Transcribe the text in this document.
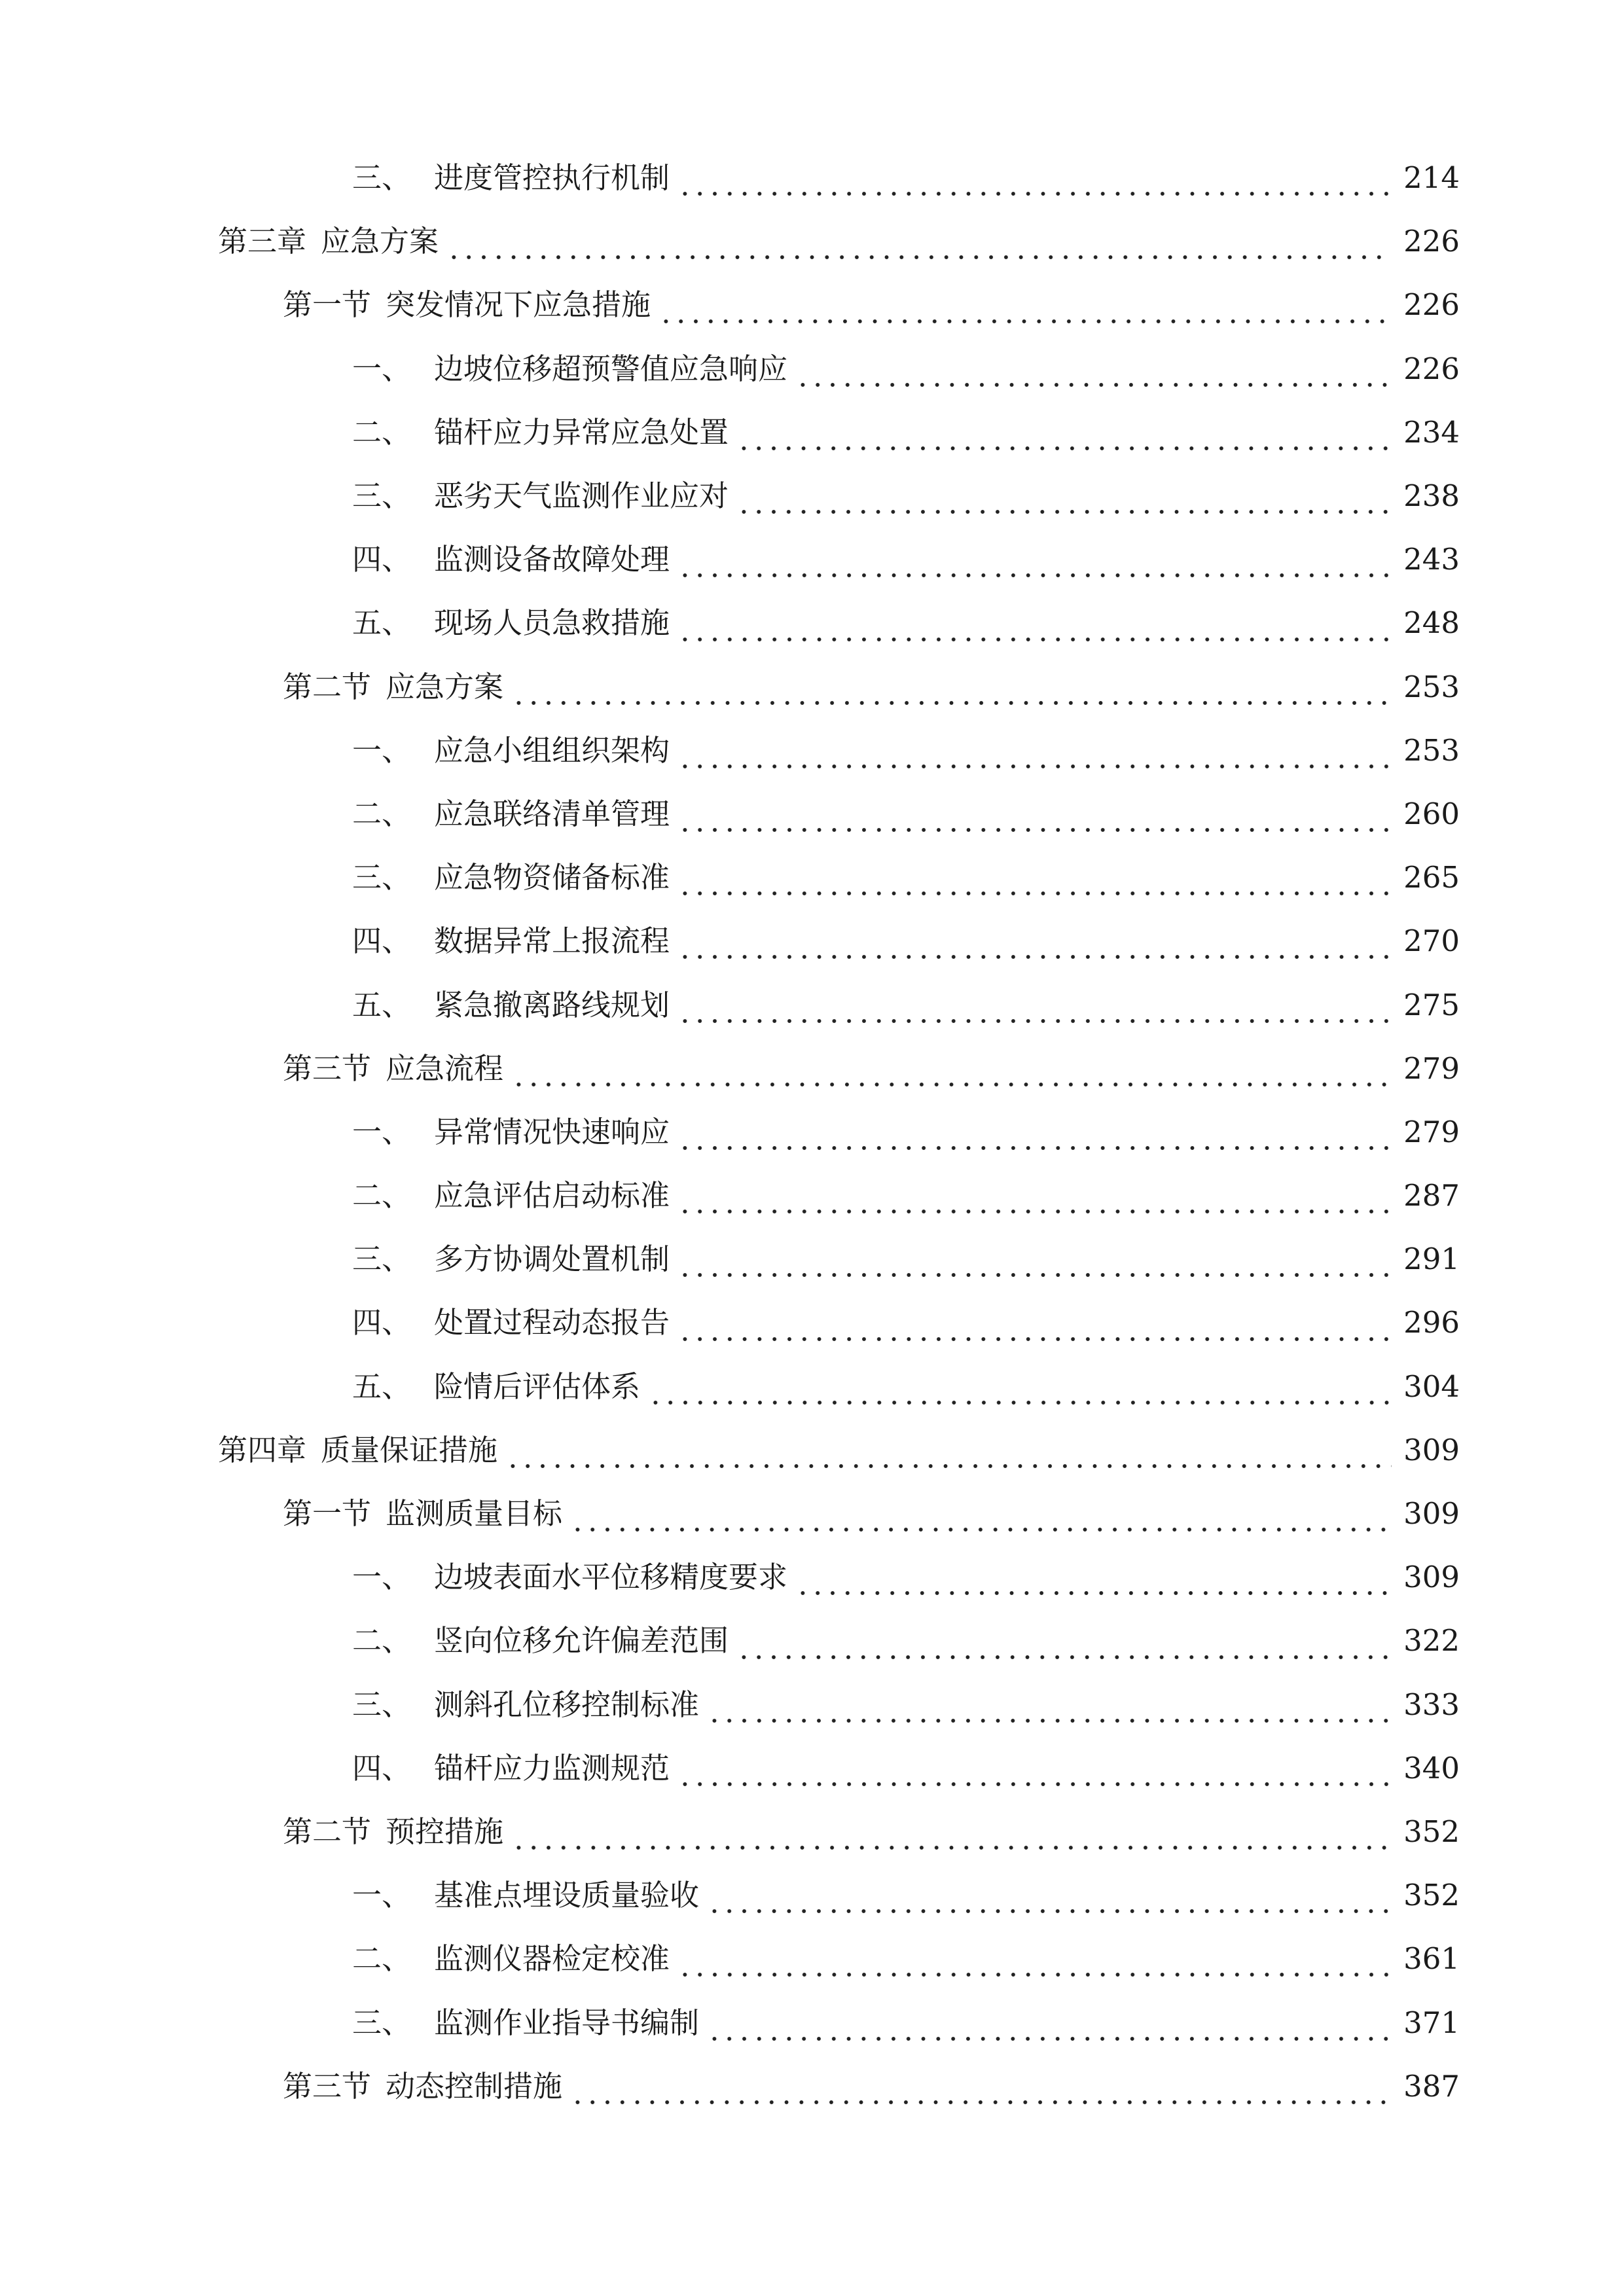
三、 进度管控执行机制	214
第三章 应急方案	226
第一节 突发情况下应急措施	226
一、 边坡位移超预警值应急响应	226
二、 锚杆应力异常应急处置	234
三、 恶劣天气监测作业应对	238
四、 监测设备故障处理	243
五、 现场人员急救措施	248
第二节 应急方案	253
一、 应急小组组织架构	253
二、 应急联络清单管理	260
三、 应急物资储备标准	265
四、 数据异常上报流程	270
五、 紧急撤离路线规划	275
第三节 应急流程	279
一、 异常情况快速响应	279
二、 应急评估启动标准	287
三、 多方协调处置机制	291
四、 处置过程动态报告	296
五、 险情后评估体系	304
第四章 质量保证措施	309
第一节 监测质量目标	309
一、 边坡表面水平位移精度要求	309
二、 竖向位移允许偏差范围	322
三、 测斜孔位移控制标准	333
四、 锚杆应力监测规范	340
第二节 预控措施	352
一、 基准点埋设质量验收	352
二、 监测仪器检定校准	361
三、 监测作业指导书编制	371
第三节 动态控制措施	387
